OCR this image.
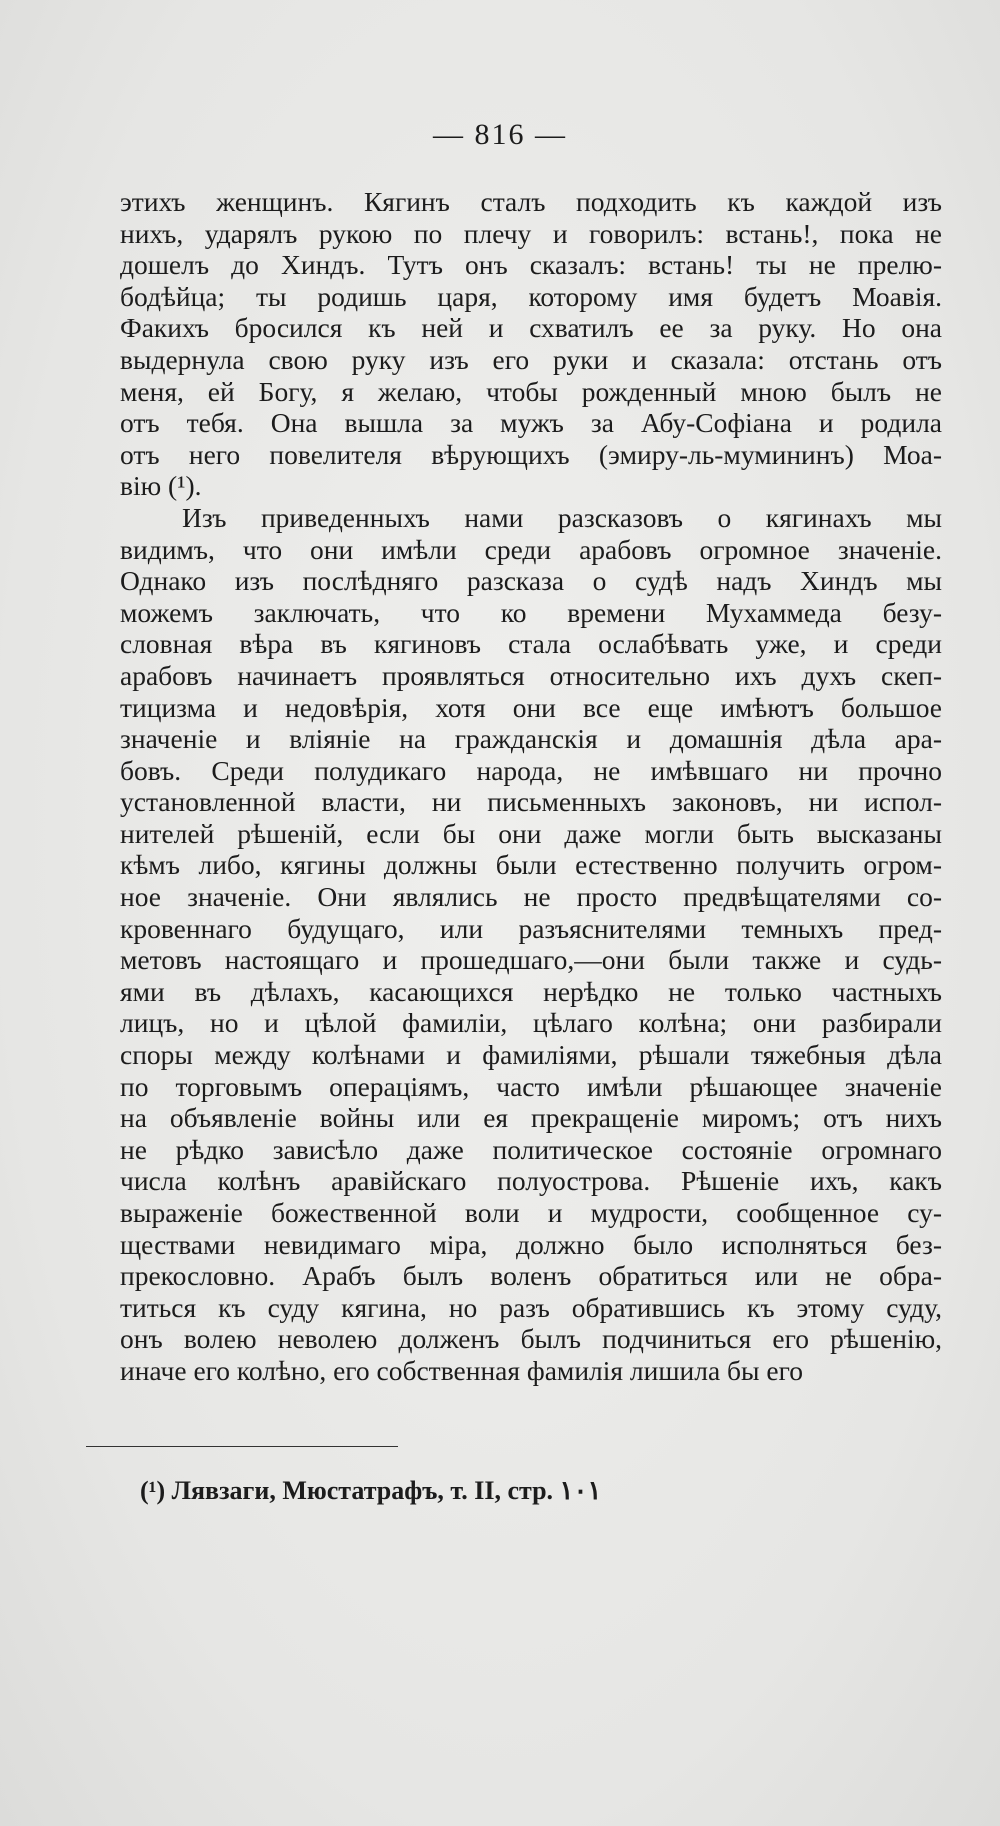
— 816 —
этихъ женщинъ. Кягинъ сталъ подходить къ каждой изъ
нихъ, ударялъ рукою по плечу и говорилъ: встань!, пока не
дошелъ до Хиндъ. Тутъ онъ сказалъ: встань! ты не прелю-
бодѣйца; ты родишь царя, которому имя будетъ Моавія.
Факихъ бросился къ ней и схватилъ ее за руку. Но она
выдернула свою руку изъ его руки и сказала: отстань отъ
меня, ей Богу, я желаю, чтобы рожденный мною былъ не
отъ тебя. Она вышла за мужъ за Абу-Софіана и родила
отъ него повелителя вѣрующихъ (эмиру-ль-мумининъ) Моа-
вію (¹).
Изъ приведенныхъ нами разсказовъ о кягинахъ мы
видимъ, что они имѣли среди арабовъ огромное значеніе.
Однако изъ послѣдняго разсказа о судѣ надъ Хиндъ мы
можемъ заключать, что ко времени Мухаммеда безу-
словная вѣра въ кягиновъ стала ослабѣвать уже, и среди
арабовъ начинаетъ проявляться относительно ихъ духъ скеп-
тицизма и недовѣрія, хотя они все еще имѣютъ большое
значеніе и вліяніе на гражданскія и домашнія дѣла ара-
бовъ. Среди полудикаго народа, не имѣвшаго ни прочно
установленной власти, ни письменныхъ законовъ, ни испол-
нителей рѣшеній, если бы они даже могли быть высказаны
кѣмъ либо, кягины должны были естественно получить огром-
ное значеніе. Они являлись не просто предвѣщателями со-
кровеннаго будущаго, или разъяснителями темныхъ пред-
метовъ настоящаго и прошедшаго,—они были также и судь-
ями въ дѣлахъ, касающихся нерѣдко не только частныхъ
лицъ, но и цѣлой фамиліи, цѣлаго колѣна; они разбирали
споры между колѣнами и фамиліями, рѣшали тяжебныя дѣла
по торговымъ операціямъ, часто имѣли рѣшающее значеніе
на объявленіе войны или ея прекращеніе миромъ; отъ нихъ
не рѣдко зависѣло даже политическое состояніе огромнаго
числа колѣнъ аравійскаго полуострова. Рѣшеніе ихъ, какъ
выраженіе божественной воли и мудрости, сообщенное су-
ществами невидимаго міра, должно было исполняться без-
прекословно. Арабъ былъ воленъ обратиться или не обра-
титься къ суду кягина, но разъ обратившись къ этому суду,
онъ волею неволею долженъ былъ подчиниться его рѣшенію,
иначе его колѣно, его собственная фамилія лишила бы его
(¹) Лявзаги, Мюстатрафъ, т. II, стр. ١٠١
